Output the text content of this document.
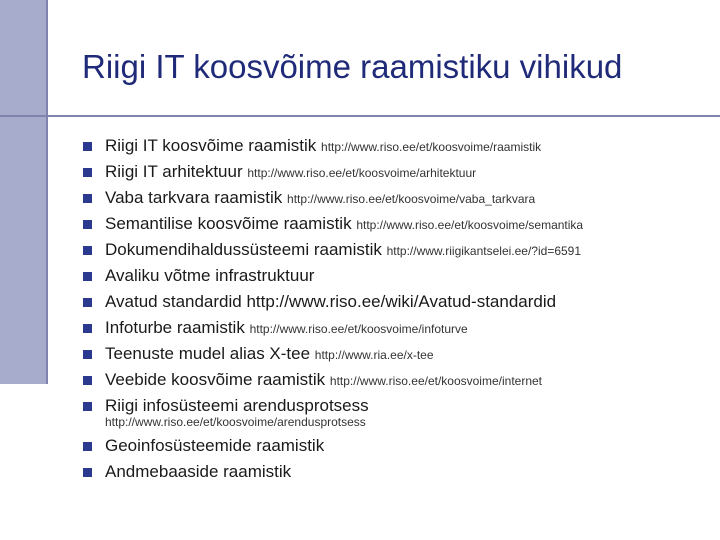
Riigi IT koosvõime raamistiku vihikud
Riigi IT koosvõime raamistik http://www.riso.ee/et/koosvoime/raamistik
Riigi IT arhitektuur http://www.riso.ee/et/koosvoime/arhitektuur
Vaba tarkvara raamistik http://www.riso.ee/et/koosvoime/vaba_tarkvara
Semantilise koosvõime raamistik http://www.riso.ee/et/koosvoime/semantika
Dokumendihaldussüsteemi raamistik http://www.riigikantselei.ee/?id=6591
Avaliku võtme infrastruktuur
Avatud standardid http://www.riso.ee/wiki/Avatud-standardid
Infoturbe raamistik http://www.riso.ee/et/koosvoime/infoturve
Teenuste mudel alias X-tee http://www.ria.ee/x-tee
Veebide koosvõime raamistik http://www.riso.ee/et/koosvoime/internet
Riigi infosüsteemi arendusprotsess
http://www.riso.ee/et/koosvoime/arendusprotsess
Geoinfosüsteemide raamistik
Andmebaaside raamistik
